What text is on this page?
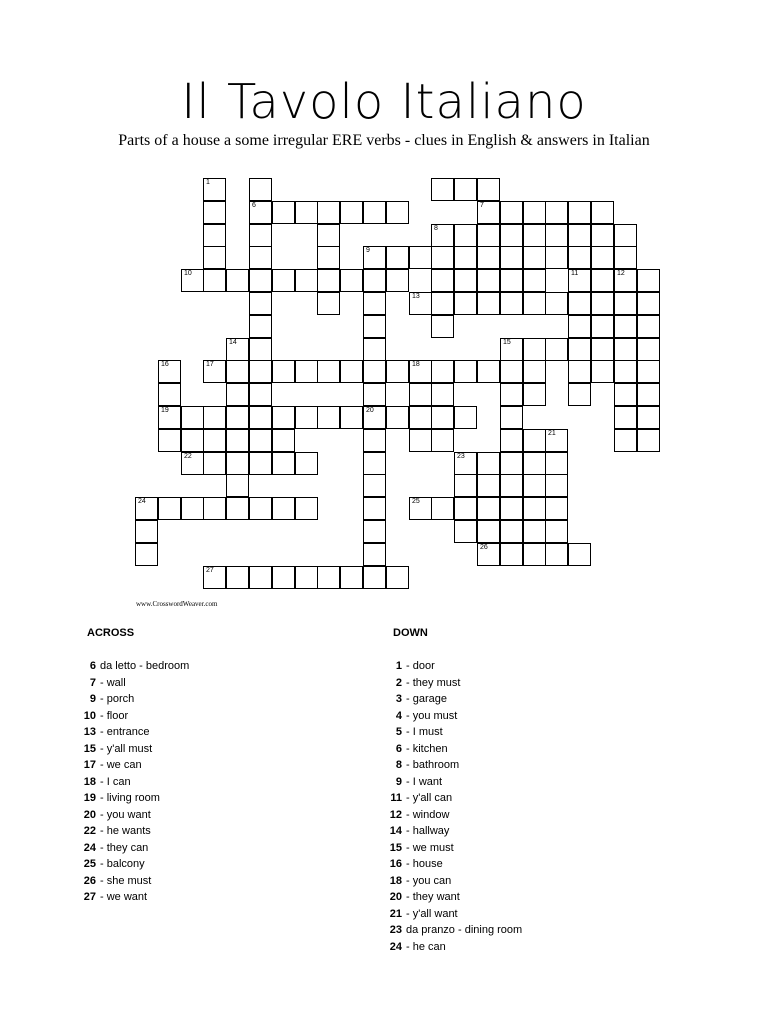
Il Tavolo Italiano

Parts of a house a some irregular ERE verbs - clues in English & answers in Italian

1
6	7
8
9
10	11	12
13
14	15
16	17	18
19	20
21
22	23
24	25
26
27
www.CrosswordWeaver.com
ACROSS	DOWN
6 da letto - bedroom
7 - wall
9 - porch
10 - floor
13 - entrance
15 - y'all must
17 - we can
18 - I can
19 - living room
20 - you want
22 - he wants
24 - they can
25 - balcony
26 - she must
27 - we want
1 - door
2 - they must
3 - garage
4 - you must
5 - I must
6 - kitchen
8 - bathroom
9 - I want
11 - y'all can
12 - window
14 - hallway
15 - we must
16 - house
18 - you can
20 - they want
21 - y'all want
23 da pranzo - dining room
24 - he can
